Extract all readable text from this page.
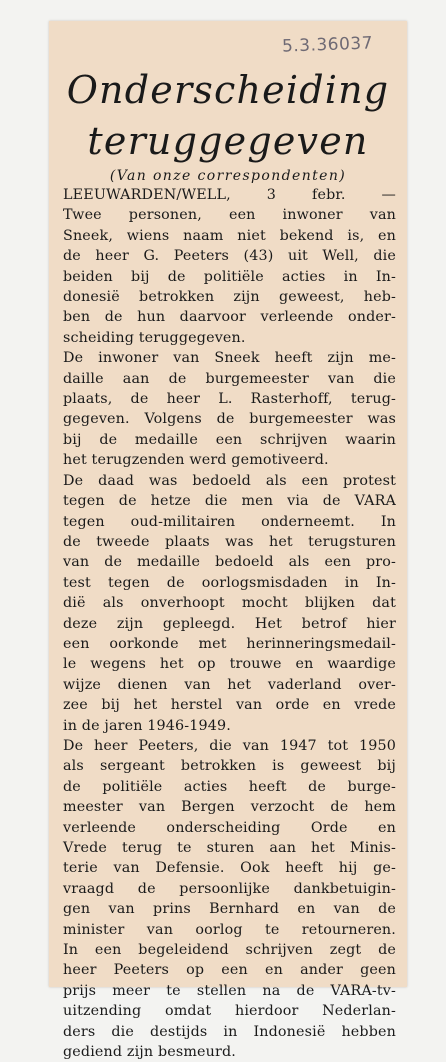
5.3.36037
Onderscheiding
teruggegeven
(Van onze correspondenten)
LEEUWARDEN/WELL, 3 febr. —
Twee personen, een inwoner van
Sneek, wiens naam niet bekend is, en
de heer G. Peeters (43) uit Well, die
beiden bij de politiële acties in In-
donesië betrokken zijn geweest, heb-
ben de hun daarvoor verleende onder-
scheiding teruggegeven.
De inwoner van Sneek heeft zijn me-
daille aan de burgemeester van die
plaats, de heer L. Rasterhoff, terug-
gegeven. Volgens de burgemeester was
bij de medaille een schrijven waarin
het terugzenden werd gemotiveerd.
De daad was bedoeld als een protest
tegen de hetze die men via de VARA
tegen oud-militairen onderneemt. In
de tweede plaats was het terugsturen
van de medaille bedoeld als een pro-
test tegen de oorlogsmisdaden in In-
dië als onverhoopt mocht blijken dat
deze zijn gepleegd. Het betrof hier
een oorkonde met herinneringsmedail-
le wegens het op trouwe en waardige
wijze dienen van het vaderland over-
zee bij het herstel van orde en vrede
in de jaren 1946-1949.
De heer Peeters, die van 1947 tot 1950
als sergeant betrokken is geweest bij
de politiële acties heeft de burge-
meester van Bergen verzocht de hem
verleende onderscheiding Orde en
Vrede terug te sturen aan het Minis-
terie van Defensie. Ook heeft hij ge-
vraagd de persoonlijke dankbetuigin-
gen van prins Bernhard en van de
minister van oorlog te retourneren.
In een begeleidend schrijven zegt de
heer Peeters op een en ander geen
prijs meer te stellen na de VARA-tv-
uitzending omdat hierdoor Nederlan-
ders die destijds in Indonesië hebben
gediend zijn besmeurd.
